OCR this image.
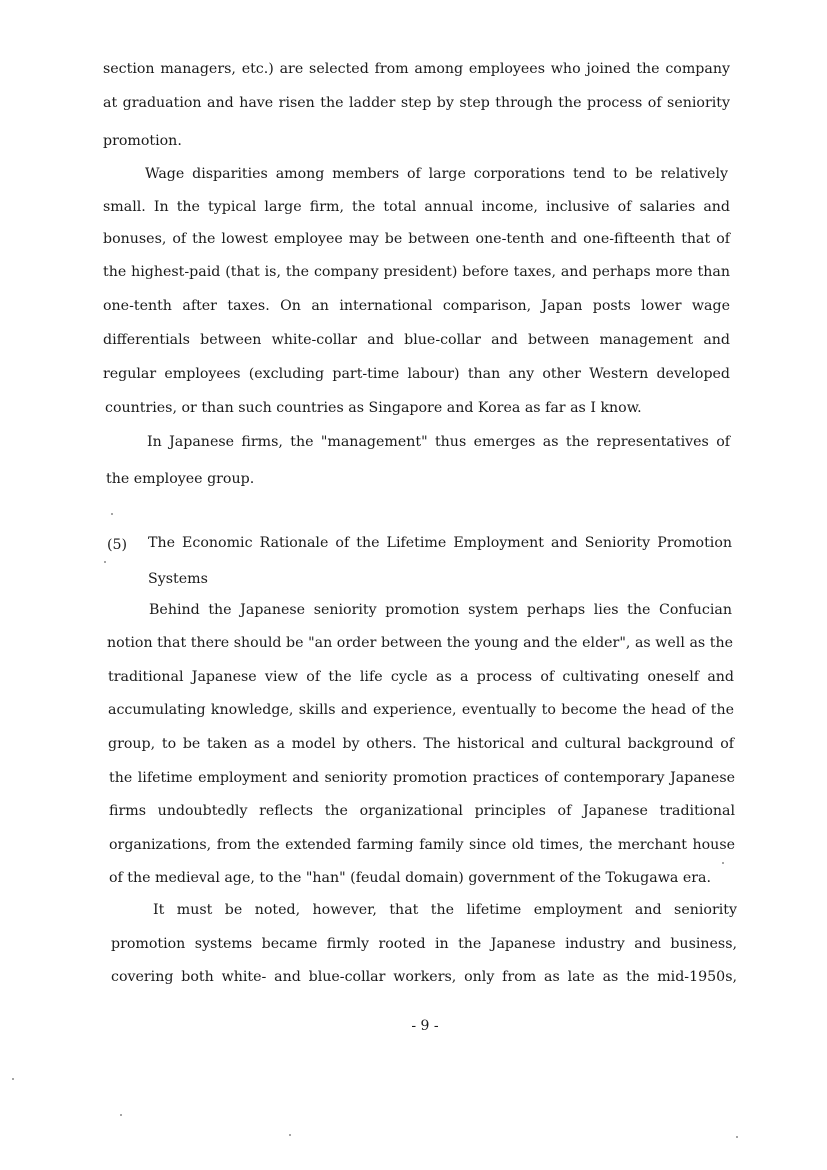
section managers, etc.) are selected from among employees who joined the company
at graduation and have risen the ladder step by step through the process of seniority
promotion.
Wage disparities among members of large corporations tend to be relatively
small. In the typical large firm, the total annual income, inclusive of salaries and
bonuses, of the lowest employee may be between one-tenth and one-fifteenth that of
the highest-paid (that is, the company president) before taxes, and perhaps more than
one-tenth after taxes. On an international comparison, Japan posts lower wage
differentials between white-collar and blue-collar and between management and
regular employees (excluding part-time labour) than any other Western developed
countries, or than such countries as Singapore and Korea as far as I know.
In Japanese firms, the "management" thus emerges as the representatives of
the employee group.
(5)	The Economic Rationale of the Lifetime Employment and Seniority Promotion
Systems
Behind the Japanese seniority promotion system perhaps lies the Confucian
notion that there should be "an order between the young and the elder", as well as the
traditional Japanese view of the life cycle as a process of cultivating oneself and
accumulating knowledge, skills and experience, eventually to become the head of the
group, to be taken as a model by others. The historical and cultural background of
the lifetime employment and seniority promotion practices of contemporary Japanese
firms undoubtedly reflects the organizational principles of Japanese traditional
organizations, from the extended farming family since old times, the merchant house
of the medieval age, to the "han" (feudal domain) government of the Tokugawa era.
It must be noted, however, that the lifetime employment and seniority
promotion systems became firmly rooted in the Japanese industry and business,
covering both white- and blue-collar workers, only from as late as the mid-1950s,
- 9 -
